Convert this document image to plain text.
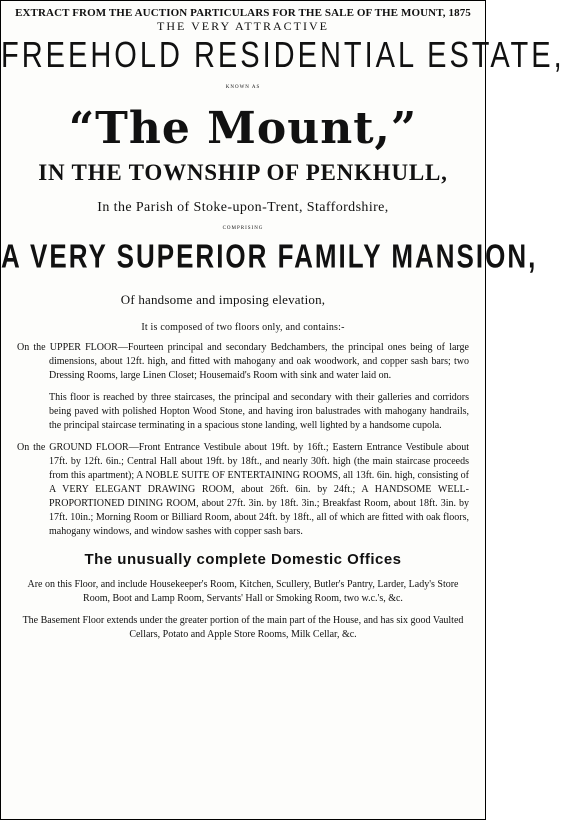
EXTRACT FROM THE AUCTION PARTICULARS FOR THE SALE OF THE MOUNT, 1875
THE VERY ATTRACTIVE
FREEHOLD RESIDENTIAL ESTATE,
KNOWN AS
“The Mount,”
IN THE TOWNSHIP OF PENKHULL,
In the Parish of Stoke-upon-Trent, Staffordshire,
COMPRISING
A VERY SUPERIOR FAMILY MANSION,
Of handsome and imposing elevation,
It is composed of two floors only, and contains:-

On the UPPER FLOOR—Fourteen principal and secondary Bedchambers, the principal ones being of large dimensions, about 12ft. high, and fitted with mahogany and oak woodwork, and copper sash bars; two Dressing Rooms, large Linen Closet; Housemaid's Room with sink and water laid on.

This floor is reached by three staircases, the principal and secondary with their galleries and corridors being paved with polished Hopton Wood Stone, and having iron balustrades with mahogany handrails, the principal staircase terminating in a spacious stone landing, well lighted by a handsome cupola.

On the GROUND FLOOR—Front Entrance Vestibule about 19ft. by 16ft.; Eastern Entrance Vestibule about 17ft. by 12ft. 6in.; Central Hall about 19ft. by 18ft., and nearly 30ft. high (the main staircase proceeds from this apartment); A NOBLE SUITE OF ENTERTAINING ROOMS, all 13ft. 6in. high, consisting of A VERY ELEGANT DRAWING ROOM, about 26ft. 6in. by 24ft.; A HANDSOME WELL-PROPORTIONED DINING ROOM, about 27ft. 3in. by 18ft. 3in.; Breakfast Room, about 18ft. 3in. by 17ft. 10in.; Morning Room or Billiard Room, about 24ft. by 18ft., all of which are fitted with oak floors, mahogany windows, and window sashes with copper sash bars.

The unusually complete Domestic Offices

Are on this Floor, and include Housekeeper's Room, Kitchen, Scullery, Butler's Pantry, Larder, Lady's Store Room, Boot and Lamp Room, Servants' Hall or Smoking Room, two w.c.'s, &c.

The Basement Floor extends under the greater portion of the main part of the House, and has six good Vaulted Cellars, Potato and Apple Store Rooms, Milk Cellar, &c.
